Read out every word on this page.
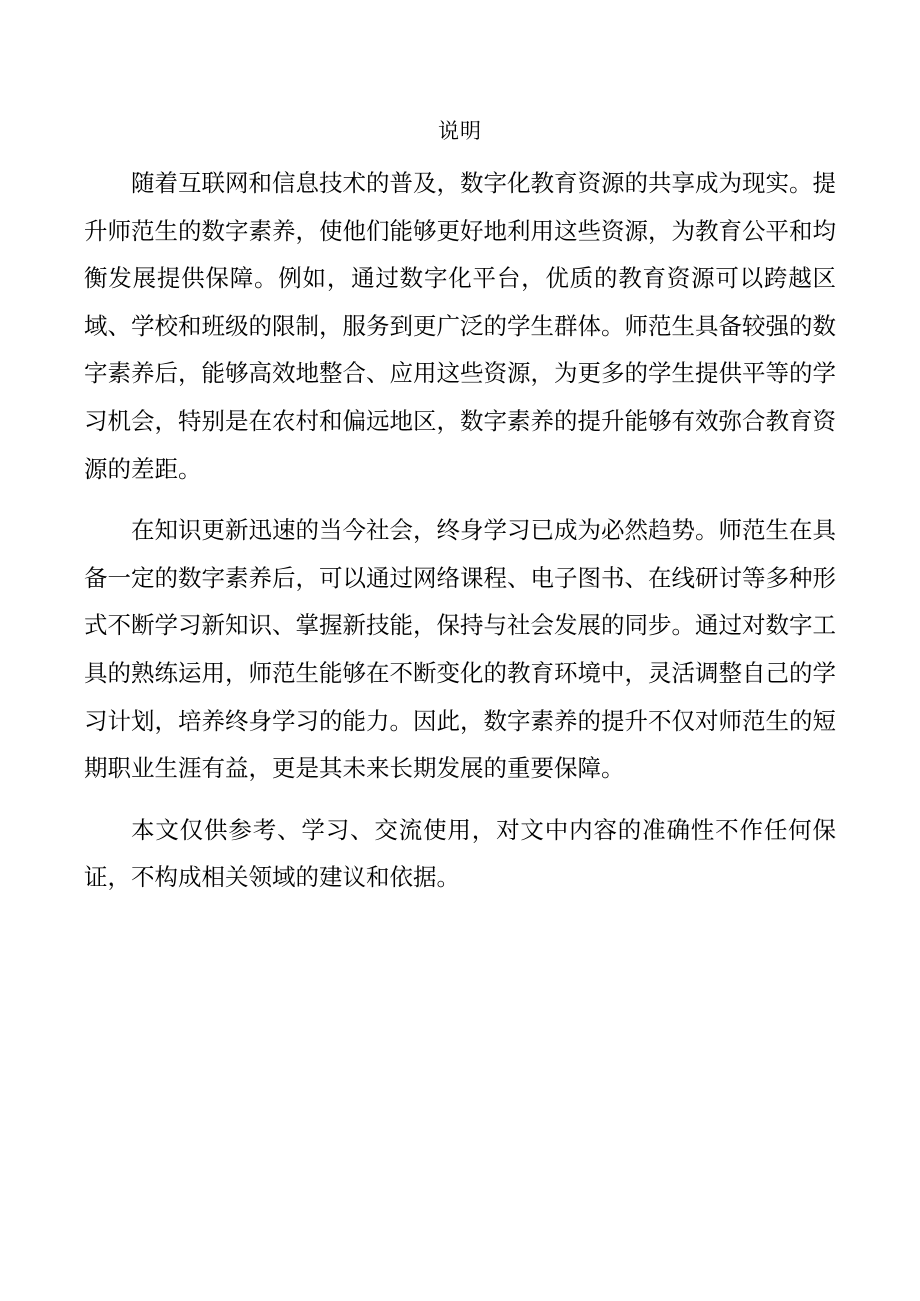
说明

随着互联网和信息技术的普及，数字化教育资源的共享成为现实。提升师范生的数字素养，使他们能够更好地利用这些资源，为教育公平和均衡发展提供保障。例如，通过数字化平台，优质的教育资源可以跨越区域、学校和班级的限制，服务到更广泛的学生群体。师范生具备较强的数字素养后，能够高效地整合、应用这些资源，为更多的学生提供平等的学习机会，特别是在农村和偏远地区，数字素养的提升能够有效弥合教育资源的差距。

在知识更新迅速的当今社会，终身学习已成为必然趋势。师范生在具备一定的数字素养后，可以通过网络课程、电子图书、在线研讨等多种形式不断学习新知识、掌握新技能，保持与社会发展的同步。通过对数字工具的熟练运用，师范生能够在不断变化的教育环境中，灵活调整自己的学习计划，培养终身学习的能力。因此，数字素养的提升不仅对师范生的短期职业生涯有益，更是其未来长期发展的重要保障。

本文仅供参考、学习、交流使用，对文中内容的准确性不作任何保证，不构成相关领域的建议和依据。
